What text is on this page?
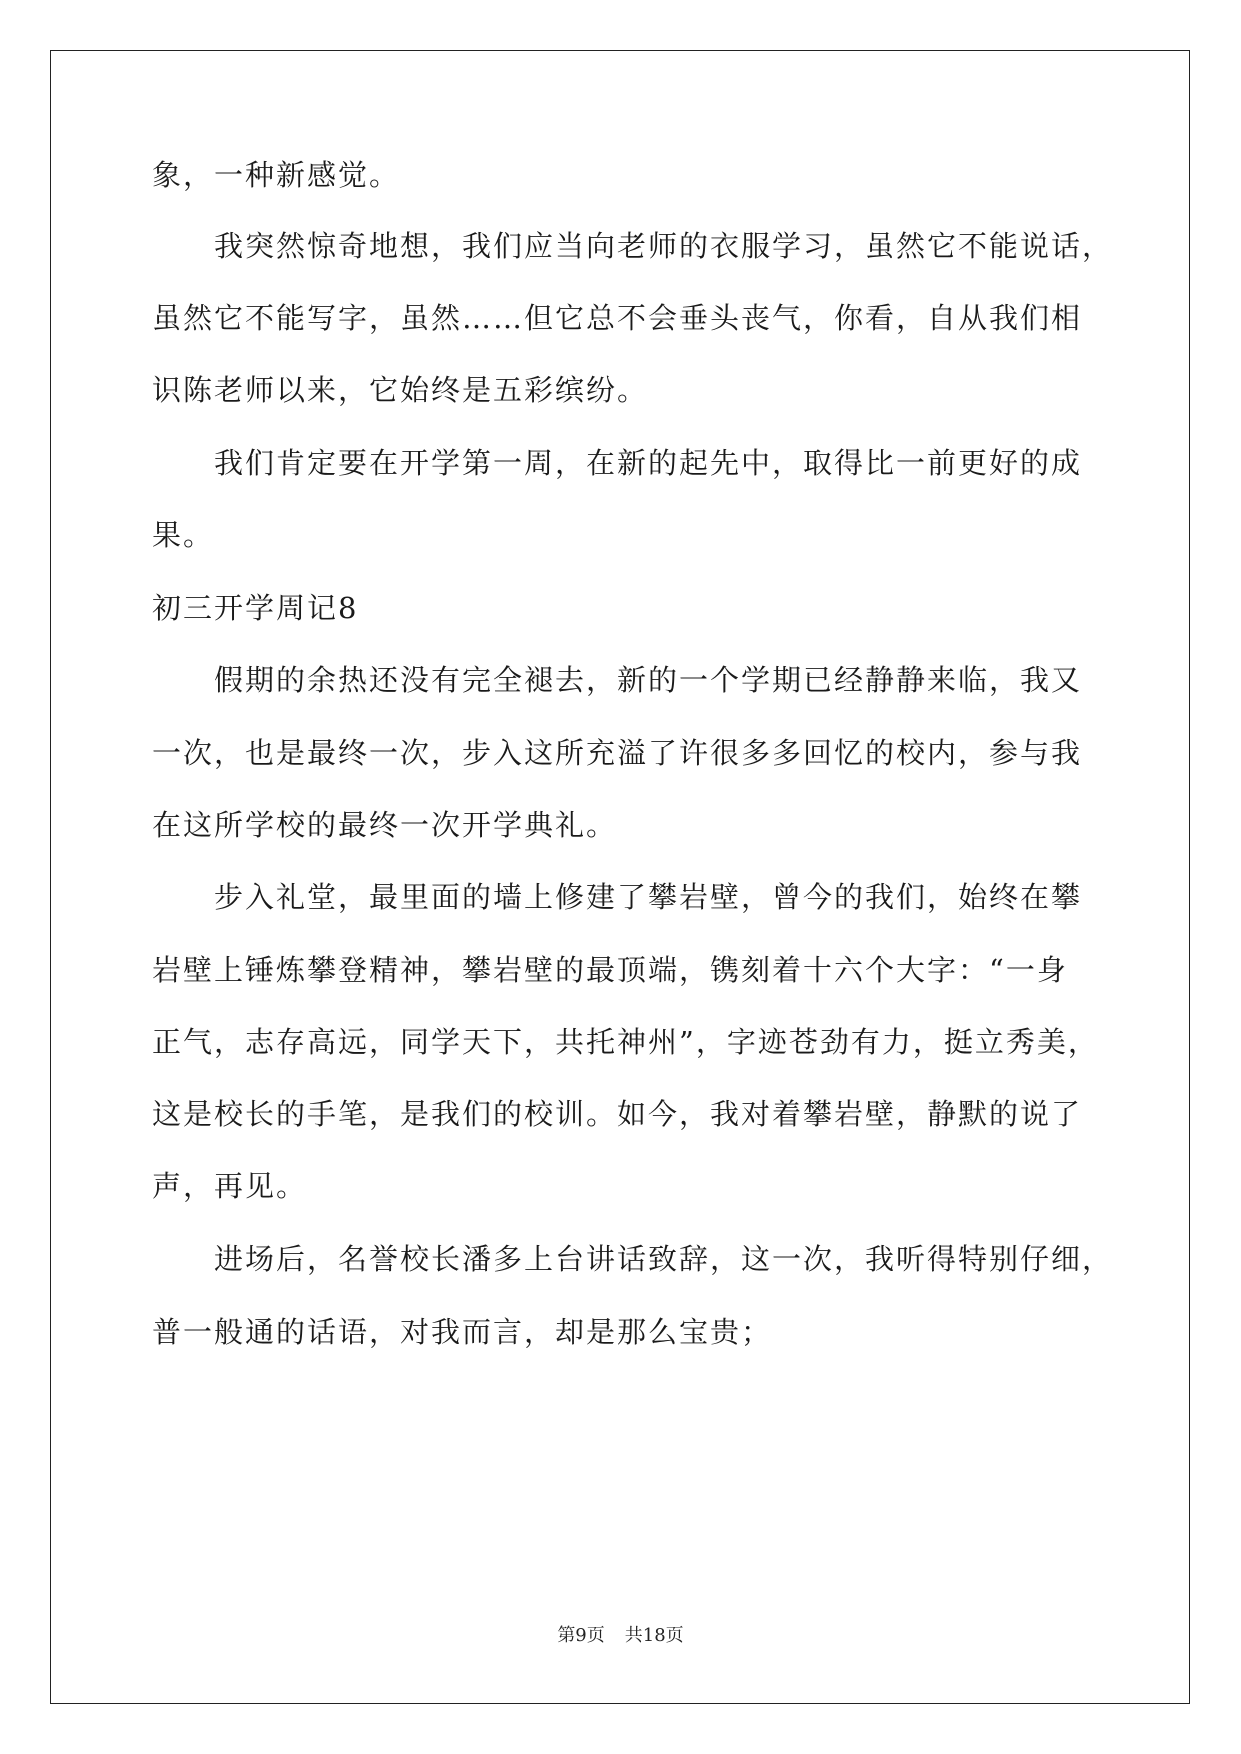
象，一种新感觉。
我突然惊奇地想，我们应当向老师的衣服学习，虽然它不能说话，
虽然它不能写字，虽然……但它总不会垂头丧气，你看，自从我们相
识陈老师以来，它始终是五彩缤纷。
我们肯定要在开学第一周，在新的起先中，取得比一前更好的成
果。
初三开学周记8
假期的余热还没有完全褪去，新的一个学期已经静静来临，我又
一次，也是最终一次，步入这所充溢了许很多多回忆的校内，参与我
在这所学校的最终一次开学典礼。
步入礼堂，最里面的墙上修建了攀岩壁，曾今的我们，始终在攀
岩壁上锤炼攀登精神，攀岩壁的最顶端，镌刻着十六个大字：“一身
正气，志存高远，同学天下，共托神州”，字迹苍劲有力，挺立秀美，
这是校长的手笔，是我们的校训。如今，我对着攀岩壁，静默的说了
声，再见。
进场后，名誉校长潘多上台讲话致辞，这一次，我听得特别仔细，
普一般通的话语，对我而言，却是那么宝贵；
第9页 共18页
